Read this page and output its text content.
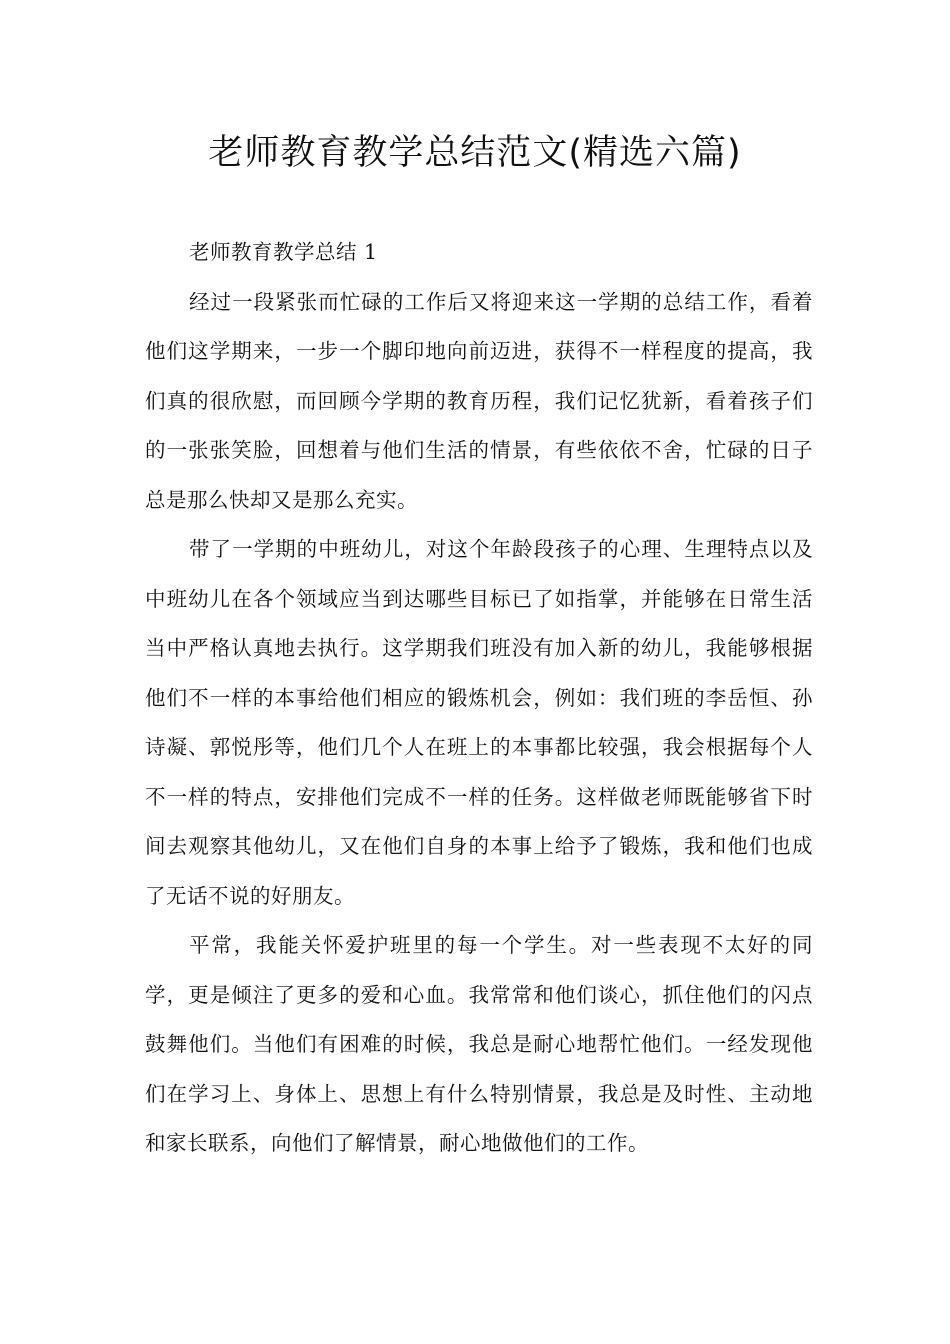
老师教育教学总结范文(精选六篇)
老师教育教学总结 1

经过一段紧张而忙碌的工作后又将迎来这一学期的总结工作，看着他们这学期来，一步一个脚印地向前迈进，获得不一样程度的提高，我们真的很欣慰，而回顾今学期的教育历程，我们记忆犹新，看着孩子们的一张张笑脸，回想着与他们生活的情景，有些依依不舍，忙碌的日子总是那么快却又是那么充实。

带了一学期的中班幼儿，对这个年龄段孩子的心理、生理特点以及中班幼儿在各个领域应当到达哪些目标已了如指掌，并能够在日常生活当中严格认真地去执行。这学期我们班没有加入新的幼儿，我能够根据他们不一样的本事给他们相应的锻炼机会，例如：我们班的李岳恒、孙诗凝、郭悦彤等，他们几个人在班上的本事都比较强，我会根据每个人不一样的特点，安排他们完成不一样的任务。这样做老师既能够省下时间去观察其他幼儿，又在他们自身的本事上给予了锻炼，我和他们也成了无话不说的好朋友。

平常，我能关怀爱护班里的每一个学生。对一些表现不太好的同学，更是倾注了更多的爱和心血。我常常和他们谈心，抓住他们的闪点鼓舞他们。当他们有困难的时候，我总是耐心地帮忙他们。一经发现他们在学习上、身体上、思想上有什么特别情景，我总是及时性、主动地和家长联系，向他们了解情景，耐心地做他们的工作。
